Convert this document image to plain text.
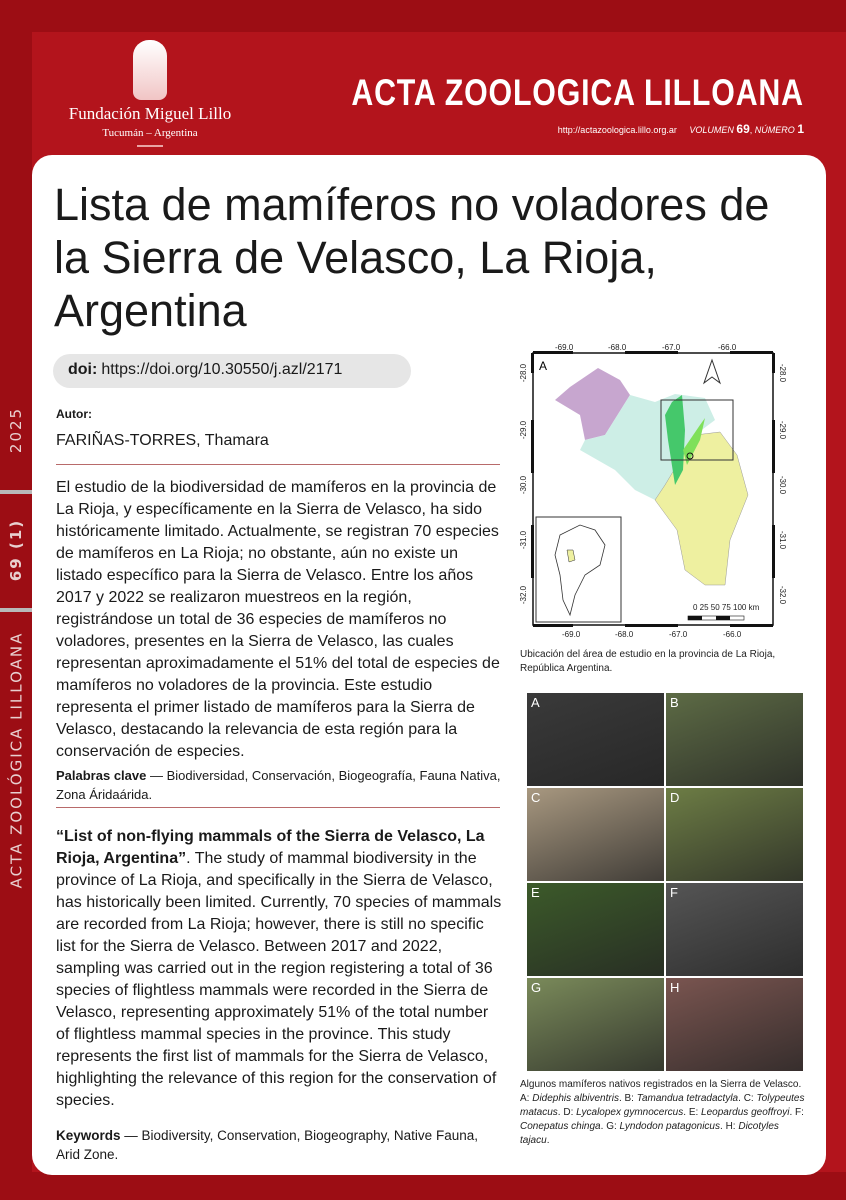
2025
69 (1)
ACTA ZOOLÓGICA LILLOANA
Fundación Miguel Lillo
Tucumán – Argentina
ACTA ZOOLOGICA LILLOANA
http://actazoologica.lillo.org.ar VOLUMEN 69, NÚMERO 1
Lista de mamíferos no voladores de la Sierra de Velasco, La Rioja, Argentina
doi: https://doi.org/10.30550/j.azl/2171
Autor:
FARIÑAS-TORRES, Thamara

El estudio de la biodiversidad de mamíferos en la provincia de La Rioja, y específicamente en la Sierra de Velasco, ha sido históricamente limitado. Actualmente, se registran 70 especies de mamíferos en La Rioja; no obstante, aún no existe un listado específico para la Sierra de Velasco. Entre los años 2017 y 2022 se realizaron muestreos en la región, registrándose un total de 36 especies de mamíferos no voladores, presentes en la Sierra de Velasco, las cuales representan aproximadamente el 51% del total de especies de mamíferos no voladores de la provincia. Este estudio representa el primer listado de mamíferos para la Sierra de Velasco, destacando la relevancia de esta región para la conservación de especies.

Palabras clave — Biodiversidad, Conservación, Biogeografía, Fauna Nativa, Zona Áridaárida.

“List of non-flying mammals of the Sierra de Velasco, La Rioja, Argentina”. The study of mammal biodiversity in the province of La Rioja, and specifically in the Sierra de Velasco, has historically been limited. Currently, 70 species of mammals are recorded from La Rioja; however, there is still no specific list for the Sierra de Velasco. Between 2017 and 2022, sampling was carried out in the region registering a total of 36 species of flightless mammals were recorded in the Sierra de Velasco, representing approximately 51% of the total number of flightless mammal species in the province. This study represents the first list of mammals for the Sierra de Velasco, highlighting the relevance of this region for the conservation of species.

Keywords — Biodiversity, Conservation, Biogeography, Native Fauna, Arid Zone.

A
-69.0	-68.0	-67.0	-66.0
-69.0	-68.0	-67.0	-66.0
0 25 50 75 100 km
-28.0
-29.0
-30.0
-31.0
-32.0
-28.0
-29.0
-30.0
-31.0
-32.0

Ubicación del área de estudio en la provincia de La Rioja, República Argentina.

A	B
C	D
E	F
G	H

Algunos mamíferos nativos registrados en la Sierra de Velasco. A: Didephis albiventris. B: Tamandua tetradactyla. C: Tolypeutes matacus. D: Lycalopex gymnocercus. E: Leopardus geoffroyi. F: Conepatus chinga. G: Lyndodon patagonicus. H: Dicotyles tajacu.
